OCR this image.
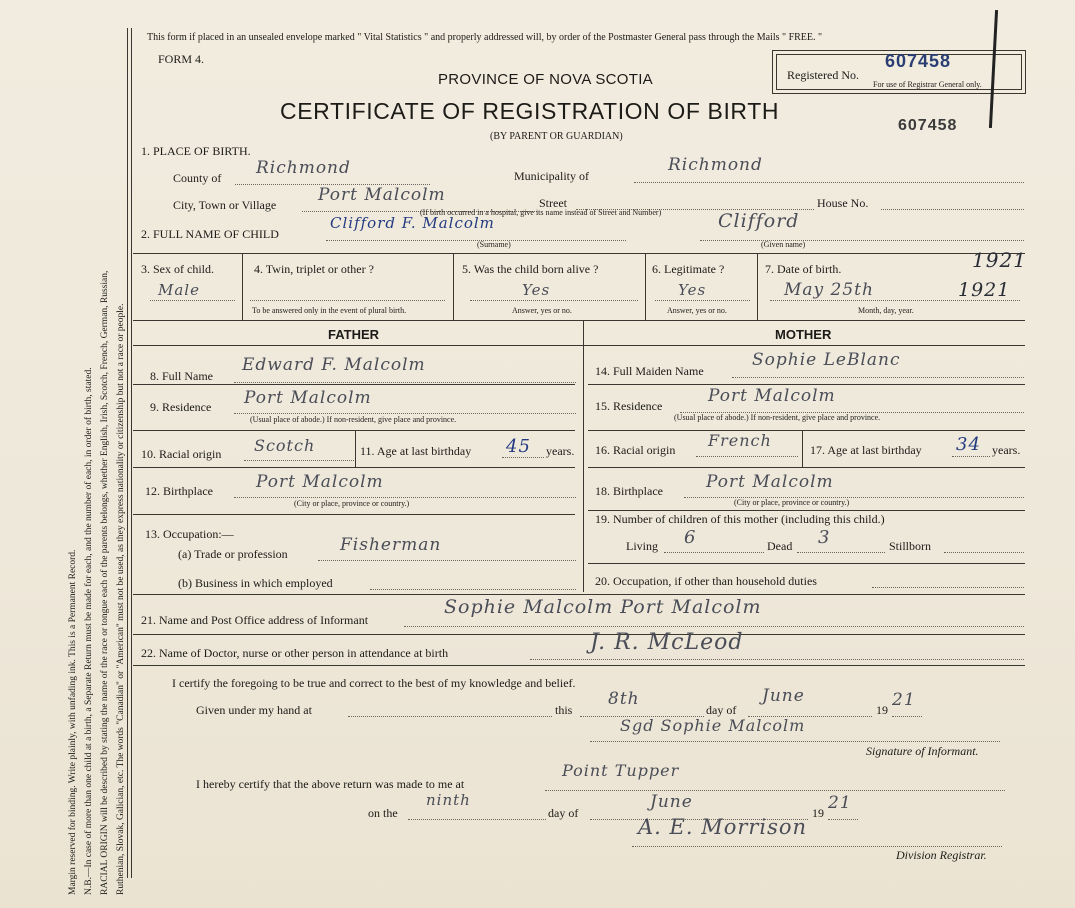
Margin reserved for binding. Write plainly, with unfading ink. This is a Permanent Record. N.B.—In case of more than one child at a birth, a Separate Return must be made for each, and the number of each, in order of birth, stated. RACIAL ORIGIN will be described by stating the name of the race or tongue each of the parents belongs, whether English, Irish, Scotch, French, German, Russian, Ruthenian, Slovak, Galician, etc. The words "Canadian" or "American" must not be used, as they express nationality or citizenship but not a race or people.
This form if placed in an unsealed envelope marked " Vital Statistics " and properly addressed will, by order of the Postmaster General pass through the Mails " FREE. "
FORM 4.
PROVINCE OF NOVA SCOTIA
CERTIFICATE OF REGISTRATION OF BIRTH
(BY PARENT OR GUARDIAN)
Registered No.
607458
For use of Registrar General only.
607458
1. PLACE OF BIRTH.
County of Richmond	Municipality of
Richmond
City, Town or Village Port Malcolm	Street	House No.
(If birth occurred in a hospital, give its name instead of Street and Number)
2. FULL NAME OF CHILD
Clifford F. Malcolm	Clifford
(Surname)	(Given name)
3. Sex of child.
Male
4. Twin, triplet or other ?
To be answered only in the event of plural birth.
5. Was the child born alive ?
Yes
Answer, yes or no.
6. Legitimate ?
Yes
Answer, yes or no.
7. Date of birth.	1921
May 25th	1921
Month, day, year.
FATHER	MOTHER
8. Full Name
Edward F. Malcolm
9. Residence Port Malcolm
(Usual place of abode.) If non-resident, give place and province.
10. Racial origin Scotch	11. Age at last birthday 45 years.
12. Birthplace	Port Malcolm
(City or place, province or country.)
13. Occupation:—
(a) Trade or profession	Fisherman
(b) Business in which employed
14. Full Maiden Name
Sophie LeBlanc
15. Residence	Port Malcolm
(Usual place of abode.) If non-resident, give place and province.
16. Racial origin French	17. Age at last birthday 34 years.
18. Birthplace	Port Malcolm
(City or place, province or country.)
19. Number of children of this mother (including this child.)
Living 6	Dead 3	Stillborn
20. Occupation, if other than household duties
21. Name and Post Office address of Informant
Sophie Malcolm Port Malcolm
22. Name of Doctor, nurse or other person in attendance at birth	J. R. McLeod
I certify the foregoing to be true and correct to the best of my knowledge and belief.
Given under my hand at	this
8th
day of
June
19 21
Sgd Sophie Malcolm
Signature of Informant.
I hereby certify that the above return was made to me at
Point Tupper
on the
ninth
day of
June
19 21
A. E. Morrison
Division Registrar.
